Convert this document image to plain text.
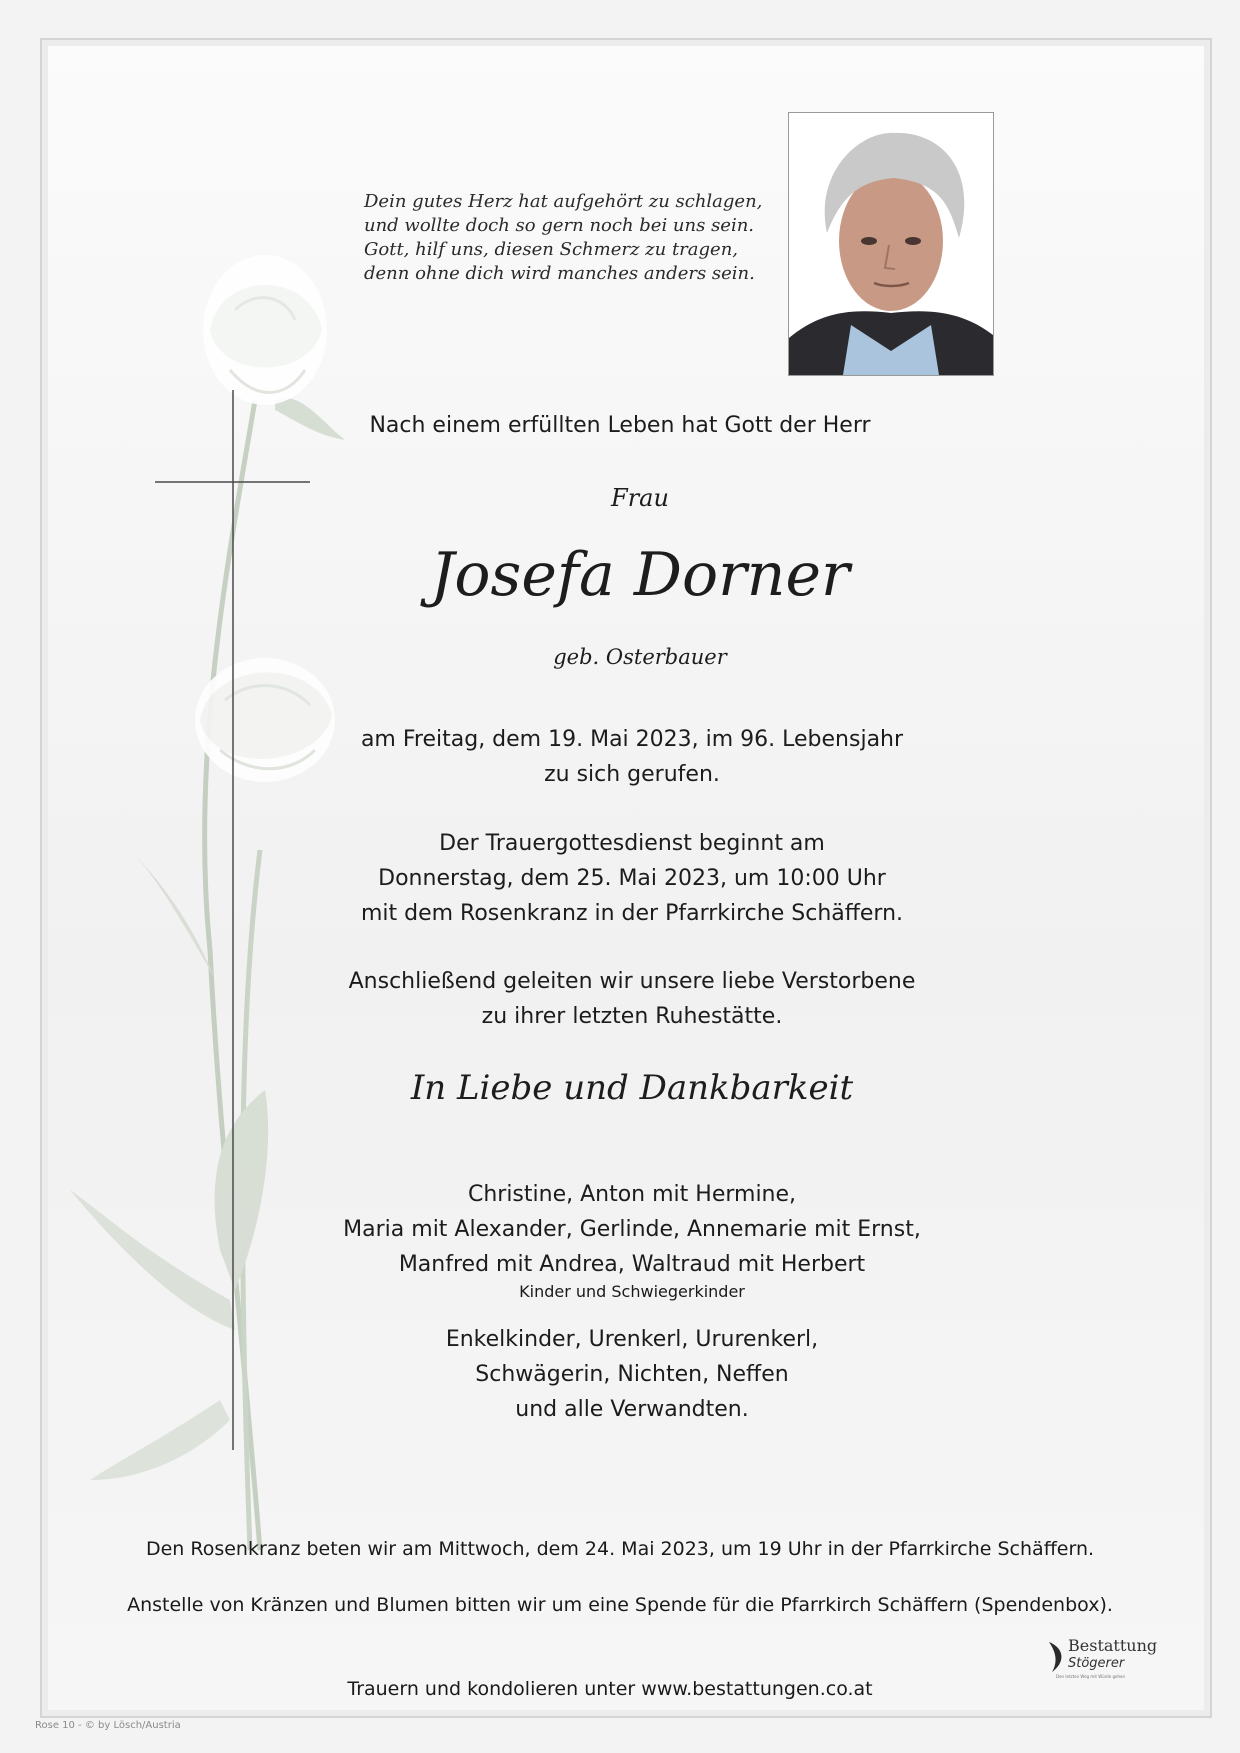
Dein gutes Herz hat aufgehört zu schlagen,
und wollte doch so gern noch bei uns sein.
Gott, hilf uns, diesen Schmerz zu tragen,
denn ohne dich wird manches anders sein.
Nach einem erfüllten Leben hat Gott der Herr
Frau
Josefa Dorner
geb. Osterbauer
am Freitag, dem 19. Mai 2023, im 96. Lebensjahr
zu sich gerufen.
Der Trauergottesdienst beginnt am
Donnerstag, dem 25. Mai 2023, um 10:00 Uhr
mit dem Rosenkranz in der Pfarrkirche Schäffern.
Anschließend geleiten wir unsere liebe Verstorbene
zu ihrer letzten Ruhestätte.
In Liebe und Dankbarkeit
Christine, Anton mit Hermine,
Maria mit Alexander, Gerlinde, Annemarie mit Ernst,
Manfred mit Andrea, Waltraud mit Herbert
Kinder und Schwiegerkinder
Enkelkinder, Urenkerl, Ururenkerl,
Schwägerin, Nichten, Neffen
und alle Verwandten.
Den Rosenkranz beten wir am Mittwoch, dem 24. Mai 2023, um 19 Uhr in der Pfarrkirche Schäffern.
Anstelle von Kränzen und Blumen bitten wir um eine Spende für die Pfarrkirch Schäffern (Spendenbox).
Trauern und kondolieren unter www.bestattungen.co.at
Bestattung
Stögerer
Den letzten Weg mit Würde gehen
Rose 10 - © by Lösch/Austria
